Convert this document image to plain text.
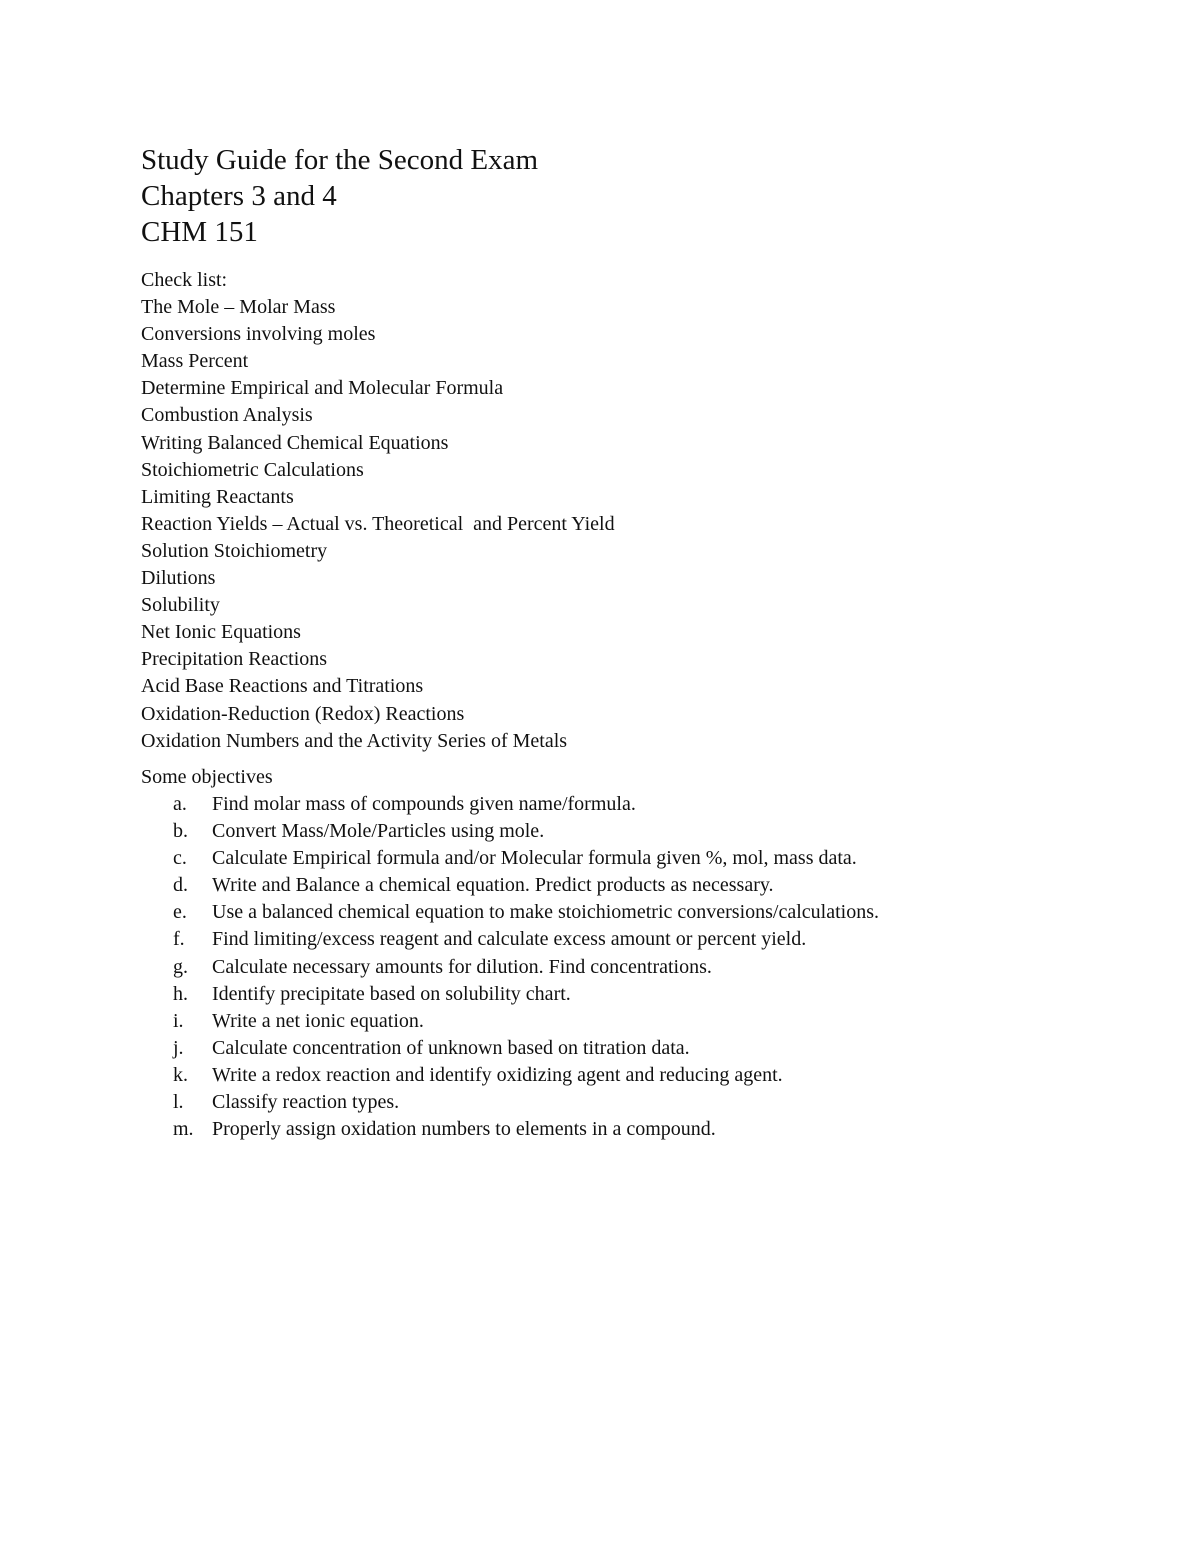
Study Guide for the Second Exam
Chapters 3 and 4
CHM 151
Check list:
The Mole – Molar Mass
Conversions involving moles
Mass Percent
Determine Empirical and Molecular Formula
Combustion Analysis
Writing Balanced Chemical Equations
Stoichiometric Calculations
Limiting Reactants
Reaction Yields – Actual vs. Theoretical  and Percent Yield
Solution Stoichiometry
Dilutions
Solubility
Net Ionic Equations
Precipitation Reactions
Acid Base Reactions and Titrations
Oxidation-Reduction (Redox) Reactions
Oxidation Numbers and the Activity Series of Metals
Some objectives
a. Find molar mass of compounds given name/formula.
b. Convert Mass/Mole/Particles using mole.
c. Calculate Empirical formula and/or Molecular formula given %, mol, mass data.
d. Write and Balance a chemical equation. Predict products as necessary.
e. Use a balanced chemical equation to make stoichiometric conversions/calculations.
f. Find limiting/excess reagent and calculate excess amount or percent yield.
g. Calculate necessary amounts for dilution. Find concentrations.
h. Identify precipitate based on solubility chart.
i. Write a net ionic equation.
j. Calculate concentration of unknown based on titration data.
k. Write a redox reaction and identify oxidizing agent and reducing agent.
l. Classify reaction types.
m. Properly assign oxidation numbers to elements in a compound.
